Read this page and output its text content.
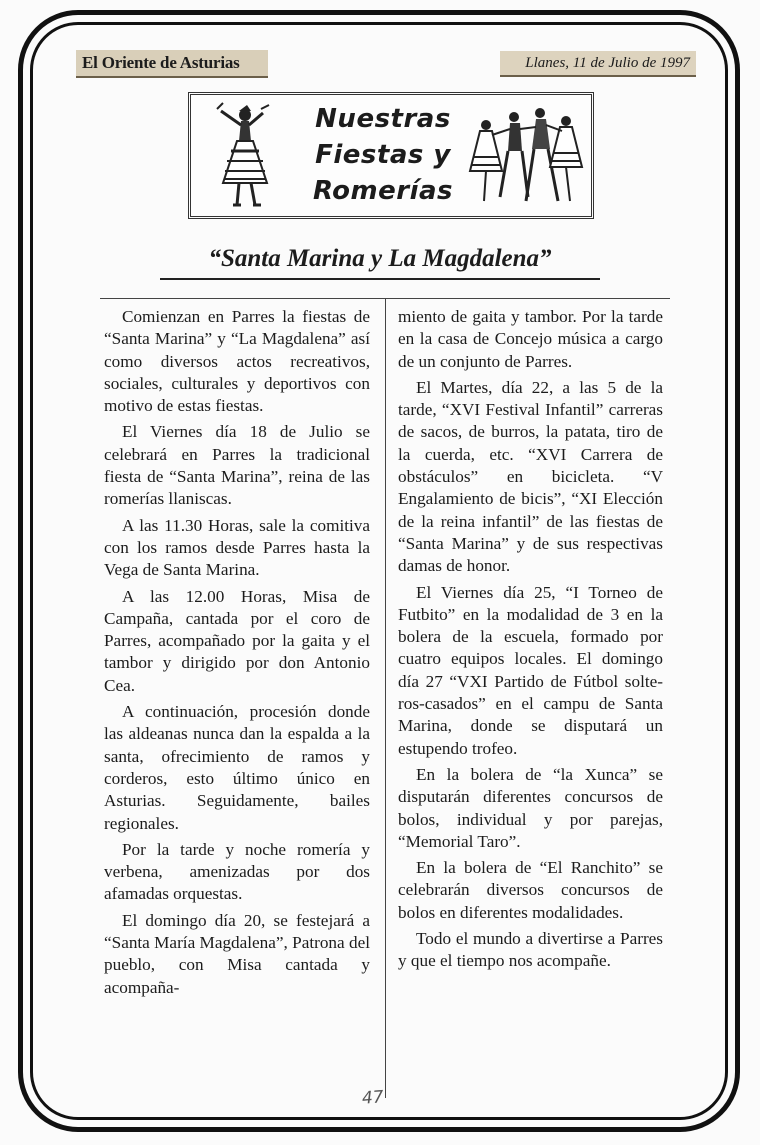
El Oriente de Asturias	Llanes, 11 de Julio de 1997
Nuestras
Fiestas y
Romerías
“Santa Marina y La Magdalena”

Comienzan en Parres la fiestas de “Santa Marina” y “La Magdalena” así como diversos actos recreativos, sociales, culturales y deportivos con motivo de estas fiestas.

El Viernes día 18 de Julio se celebrará en Parres la tradicional fiesta de “Santa Marina”, reina de las romerías llaniscas.

A las 11.30 Horas, sale la comitiva con los ramos desde Parres hasta la Vega de Santa Marina.

A las 12.00 Horas, Misa de Campaña, cantada por el coro de Parres, acompañado por la gaita y el tambor y dirigido por don Antonio Cea.

A continuación, procesión donde las aldeanas nunca dan la espalda a la santa, ofrecimiento de ramos y corderos, esto último único en Asturias. Seguidamente, bailes regionales.

Por la tarde y noche romería y verbena, amenizadas por dos afamadas orquestas.

El domingo día 20, se festejará a “Santa María Magdalena”, Patrona del pueblo, con Misa cantada y acompaña-

miento de gaita y tambor. Por la tarde en la casa de Concejo música a cargo de un conjunto de Parres.

El Martes, día 22, a las 5 de la tarde, “XVI Festival Infantil” carreras de sacos, de burros, la patata, tiro de la cuerda, etc. “XVI Carrera de obstáculos” en bicicleta. “V Engalamiento de bicis”, “XI Elección de la reina infantil” de las fiestas de “Santa Marina” y de sus respectivas damas de honor.

El Viernes día 25, “I Torneo de Futbito” en la modalidad de 3 en la bolera de la escuela, formado por cuatro equipos locales. El domingo día 27 “VXI Partido de Fútbol solteros-casados” en el campu de Santa Marina, donde se disputará un estupendo trofeo.

En la bolera de “la Xunca” se disputarán diferentes concursos de bolos, individual y por parejas, “Memorial Taro”.

En la bolera de “El Ranchito” se celebrarán diversos concursos de bolos en diferentes modalidades.

Todo el mundo a divertirse a Parres y que el tiempo nos acompañe.

47
